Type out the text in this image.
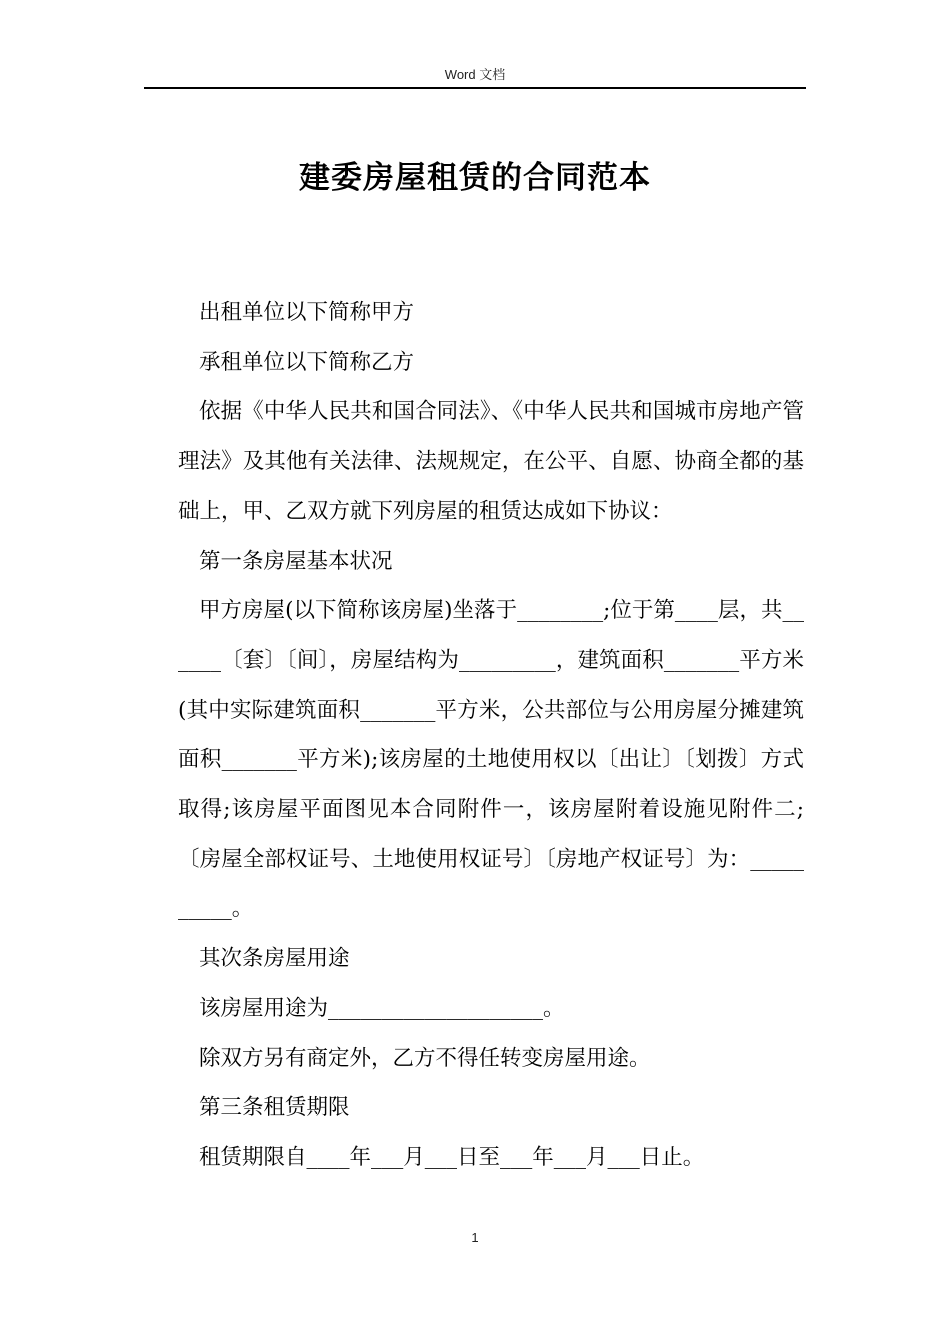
Word 文档
建委房屋租赁的合同范本

出租单位以下简称甲方

承租单位以下简称乙方

依据《中华人民共和国合同法》、《中华人民共和国城市房地产管理法》及其他有关法律、法规规定，在公平、自愿、协商全都的基础上，甲、乙双方就下列房屋的租赁达成如下协议：

第一条房屋基本状况

甲方房屋(以下简称该房屋)坐落于________;位于第____层，共______〔套〕〔间〕，房屋结构为_________，建筑面积_______平方米(其中实际建筑面积_______平方米，公共部位与公用房屋分摊建筑面积_______平方米);该房屋的土地使用权以〔出让〕〔划拨〕方式取得;该房屋平面图见本合同附件一，该房屋附着设施见附件二;〔房屋全部权证号、土地使用权证号〕〔房地产权证号〕为：__________。

其次条房屋用途

该房屋用途为____________________。

除双方另有商定外，乙方不得任转变房屋用途。

第三条租赁期限

租赁期限自____年___月___日至___年___月___日止。

1
